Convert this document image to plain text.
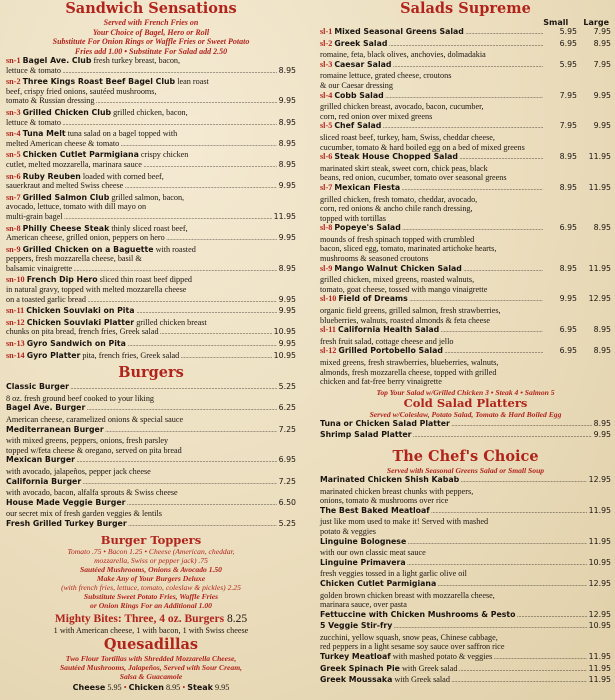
Sandwich Sensations

Served with French Fries on

Your Choice of Bagel, Hero or Roll

Substitute For Onion Rings or Waffle Fries or Sweet Potato

Fries add 1.00 • Substitute For Salad add 2.50

sn-1 Bagel Ave. Club fresh turkey breast, bacon,
lettuce & tomato .....	8.95
sn-2 Three Kings Roast Beef Bagel Club lean roast
beef, crispy fried onions, sautéed mushrooms,
tomato & Russian dressing .....	9.95
sn-3 Grilled Chicken Club grilled chicken, bacon,
lettuce & tomato .....	8.95
sn-4 Tuna Melt tuna salad on a bagel topped with
melted American cheese & tomato .....	8.95
sn-5 Chicken Cutlet Parmigiana crispy chicken
cutlet, melted mozzarella, marinara sauce .....	8.95
sn-6 Ruby Reuben loaded with corned beef,
sauerkraut and melted Swiss cheese .....	9.95
sn-7 Grilled Salmon Club grilled salmon, bacon,
avocado, lettuce, tomato with dill mayo on
multi-grain bagel .....	11.95
sn-8 Philly Cheese Steak thinly sliced roast beef,
American cheese, grilled onion, peppers on hero .....	9.95
sn-9 Grilled Chicken on a Baguette with roasted
peppers, fresh mozzarella cheese, basil &
balsamic vinaigrette .....	8.95
sn-10 French Dip Hero sliced thin roast beef dipped
in natural gravy, topped with melted mozzarella cheese
on a toasted garlic bread .....	9.95
sn-11 Chicken Souvlaki on Pita .....	9.95
sn-12 Chicken Souvlaki Platter grilled chicken breast
chunks on pita bread, french fries, Greek salad .....	10.95
sn-13 Gyro Sandwich on Pita .....	9.95
sn-14 Gyro Platter pita, french fries, Greek salad .....	10.95

Burgers

Classic Burger .....	5.25

8 oz. fresh ground beef cooked to your liking

Bagel Ave. Burger .....	6.25

American cheese, caramelized onions & special sauce

Mediterranean Burger .....	7.25

with mixed greens, peppers, onions, fresh parsley

topped w/feta cheese & oregano, served on pita bread

Mexican Burger .....	6.95

with avocado, jalapeños, pepper jack cheese

California Burger .....	7.25

with avocado, bacon, alfalfa sprouts & Swiss cheese

House Made Veggie Burger .....	6.50

our secret mix of fresh garden veggies & lentils

Fresh Grilled Turkey Burger .....	5.25

Burger Toppers

Tomato .75 • Bacon 1.25 • Cheese (American, cheddar,

mozzarella, Swiss or pepper jack) .75

Sautéed Mushrooms, Onions & Avocado 1.50

Make Any of Your Burgers Deluxe

(with french fries, lettuce, tomato, coleslaw & pickles) 2.25

Substitute Sweet Potato Fries, Waffle Fries

or Onion Rings For an Additional 1.00

Mighty Bites: Three, 4 oz. Burgers 8.25

1 with American cheese, 1 with bacon, 1 with Swiss cheese

Quesadillas

Two Flour Tortillas with Shredded Mozzarella Cheese,

Sautéed Mushrooms, Jalapeños, Served with Sour Cream,

Salsa & Guacamole

Cheese 5.95 • Chicken 8.95 • Steak 9.95

Salads Supreme

Small Large

sl-1 Mixed Seasonal Greens Salad .....	5.95	7.95
sl-2 Greek Salad .....	6.95	8.95

romaine, feta, black olives, anchovies, dolmadakia

sl-3 Caesar Salad .....	5.95	7.95

romaine lettuce, grated cheese, croutons

& our Caesar dressing

sl-4 Cobb Salad .....	7.95	9.95

grilled chicken breast, avocado, bacon, cucumber,

corn, red onion over mixed greens

sl-5 Chef Salad .....	7.95	9.95

sliced roast beef, turkey, ham, Swiss, cheddar cheese,

cucumber, tomato & hard boiled egg on a bed of mixed greens

sl-6 Steak House Chopped Salad .....	8.95	11.95

marinated skirt steak, sweet corn, chick peas, black

beans, red onion, cucumber, tomato over seasonal greens

sl-7 Mexican Fiesta .....	8.95	11.95

grilled chicken, fresh tomato, cheddar, avocado,

corn, red onions & ancho chile ranch dressing,

topped with tortillas

sl-8 Popeye's Salad .....	6.95	8.95

mounds of fresh spinach topped with crumbled

bacon, sliced egg, tomato, marinated artichoke hearts,

mushrooms & seasoned croutons

sl-9 Mango Walnut Chicken Salad .....	8.95	11.95

grilled chicken, mixed greens, roasted walnuts,

tomato, goat cheese, tossed with mango vinaigrette

sl-10 Field of Dreams .....	9.95	12.95

organic field greens, grilled salmon, fresh strawberries,

blueberries, walnuts, roasted almonds & feta cheese

sl-11 California Health Salad .....	6.95	8.95

fresh fruit salad, cottage cheese and jello

sl-12 Grilled Portobello Salad .....	6.95	8.95

mixed greens, fresh strawberries, blueberries, walnuts,

almonds, fresh mozzarella cheese, topped with grilled

chicken and fat-free berry vinaigrette

Top Your Salad w/Grilled Chicken 3 • Steak 4 • Salmon 5

Cold Salad Platters

Served w/Coleslaw, Potato Salad, Tomato & Hard Boiled Egg

Tuna or Chicken Salad Platter .....	8.95
Shrimp Salad Platter .....	9.95

The Chef's Choice

Served with Seasonal Greens Salad or Small Soup

Marinated Chicken Shish Kabab .....	12.95

marinated chicken breast chunks with peppers,

onions, tomato & mushrooms over rice

The Best Baked Meatloaf .....	11.95

just like mom used to make it! Served with mashed

potato & veggies

Linguine Bolognese .....	11.95

with our own classic meat sauce

Linguine Primavera .....	10.95

fresh veggies tossed in a light garlic olive oil

Chicken Cutlet Parmigiana .....	12.95

golden brown chicken breast with mozzarella cheese,

marinara sauce, over pasta

Fettuccine with Chicken Mushrooms & Pesto .....	12.95
5 Veggie Stir-fry .....	10.95

zucchini, yellow squash, snow peas, Chinese cabbage,

red peppers in a light sesame soy sauce over saffron rice

Turkey Meatloaf with mashed potato & veggies .....	11.95
Greek Spinach Pie with Greek salad .....	11.95
Greek Moussaka with Greek salad .....	11.95
